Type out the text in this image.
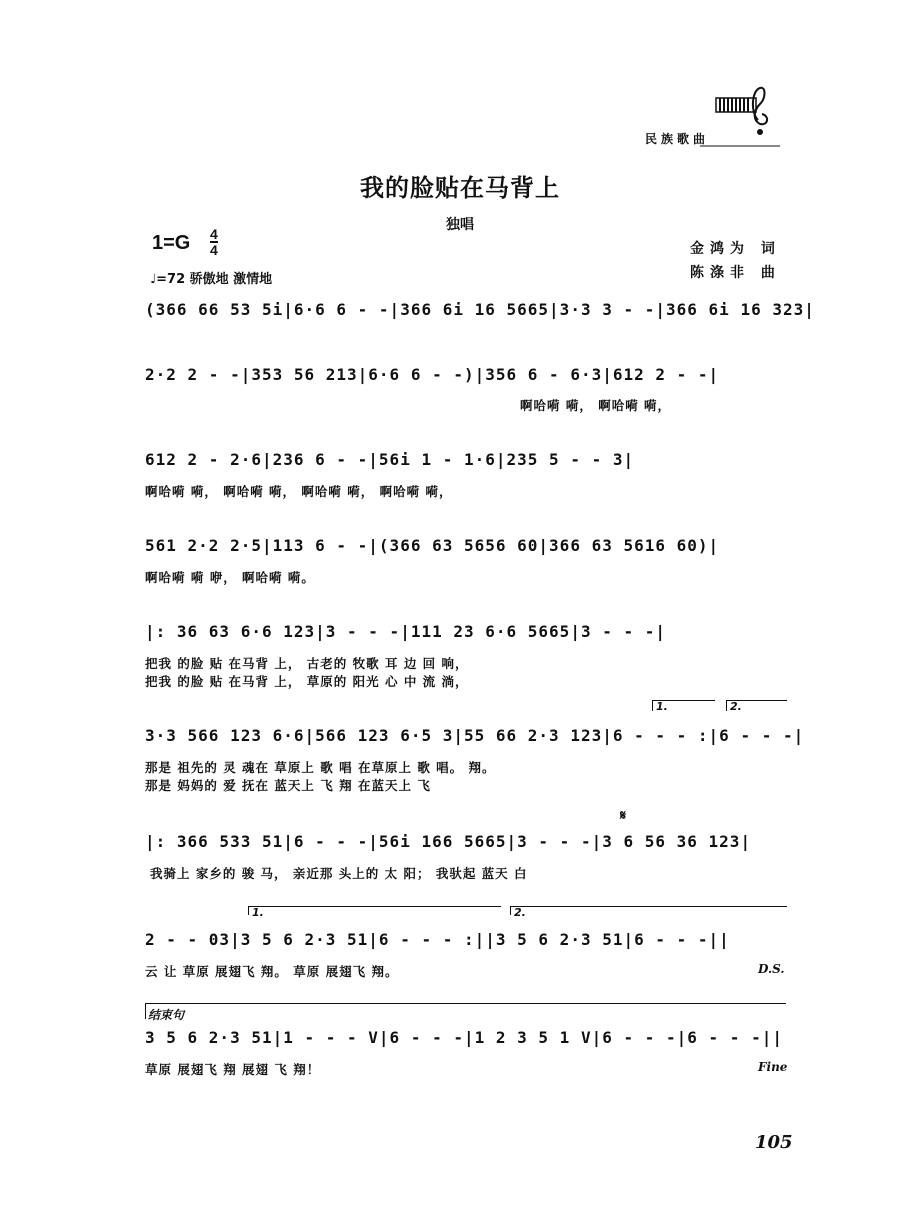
民族歌曲
我的脸贴在马背上
独唱
1=G 4
4
♩=72 骄傲地 激情地
金鸿为 词
陈涤非 曲
(366 66 53 5i|6·6 6 - -|366 6i 16 5665|3·3 3 - -|366 6i 16 323|
2·2 2 - -|353 56 213|6·6 6 - -)|356 6 - 6·3|612 2 - -|
啊哈嗬 嗬， 啊哈嗬 嗬，
612 2 - 2·6|236 6 - -|56i 1 - 1·6|235 5 - - 3|
啊哈嗬 嗬， 啊哈嗬 嗬， 啊哈嗬 嗬， 啊哈嗬 嗬，
561 2·2 2·5|113 6 - -|(366 63 5656 60|366 63 5616 60)|
啊哈嗬 嗬 咿， 啊哈嗬 嗬。
|: 36 63 6·6 123|3 - - -|111 23 6·6 5665|3 - - -|
把我 的脸 贴 在马背 上， 古老的 牧歌 耳 边 回 响，
把我 的脸 贴 在马背 上， 草原的 阳光 心 中 流 淌，
1.	2.
3·3 566 123 6·6|566 123 6·5 3|55 66 2·3 123|6 - - - :|6 - - -|
那是 祖先的 灵 魂在 草原上 歌 唱 在草原上 歌 唱。 翔。
那是 妈妈的 爱 抚在 蓝天上 飞 翔 在蓝天上 飞
𝄋
|: 366 533 51|6 - - -|56i 166 5665|3 - - -|3 6 56 36 123|
我骑上 家乡的 骏 马， 亲近那 头上的 太 阳； 我驮起 蓝天 白
1.	2.
2 - - 03|3 5 6 2·3 51|6 - - - :||3 5 6 2·3 51|6 - - -||
云 让 草原 展翅飞 翔。 草原 展翅飞 翔。	D.S.
结束句
3 5 6 2·3 51|1 - - - V|6 - - -|1 2 3 5 1 V|6 - - -|6 - - -||
草原 展翅飞 翔 展翅 飞 翔！	Fine
105
